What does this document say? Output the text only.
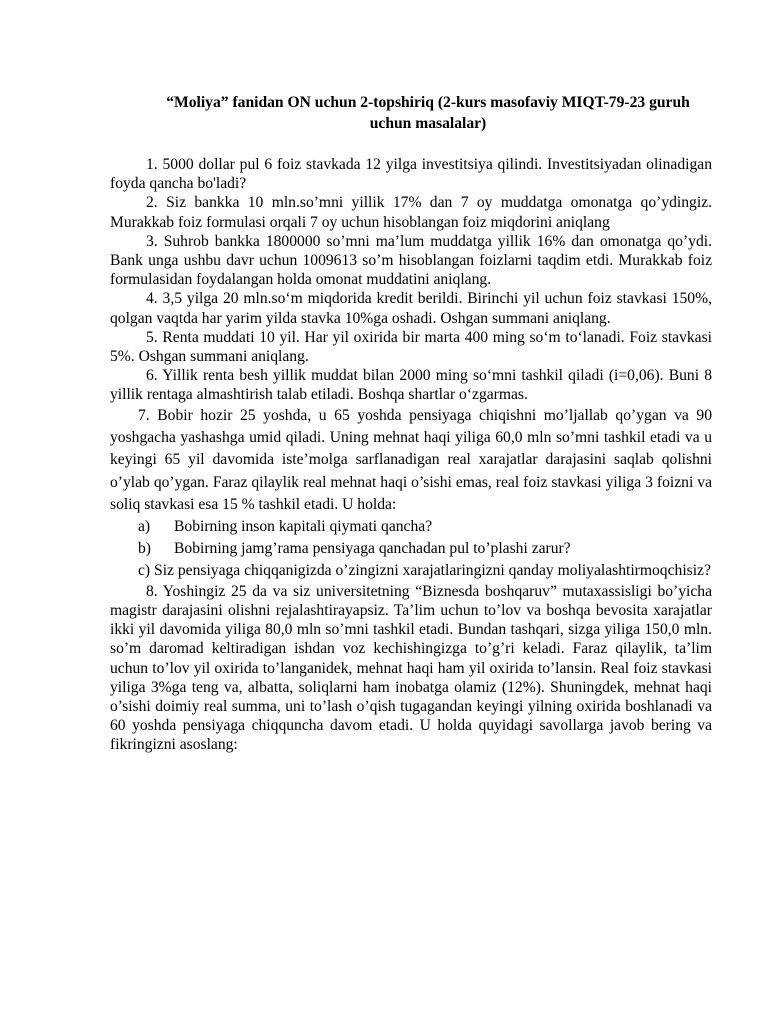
“Moliya” fanidan ON uchun 2-topshiriq (2-kurs masofaviy MIQT-79-23 guruh uchun masalalar)

1. 5000 dollar pul 6 foiz stavkada 12 yilga investitsiya qilindi. Investitsiyadan olinadigan foyda qancha bo'ladi?

2. Siz bankka 10 mln.so’mni yillik 17% dan 7 oy muddatga omonatga qo’ydingiz. Murakkab foiz formulasi orqali 7 oy uchun hisoblangan foiz miqdorini aniqlang

3. Suhrob bankka 1800000 so’mni ma’lum muddatga yillik 16% dan omonatga qo’ydi. Bank unga ushbu davr uchun 1009613 so’m hisoblangan foizlarni taqdim etdi. Murakkab foiz formulasidan foydalangan holda omonat muddatini aniqlang.

4. 3,5 yilga 20 mln.so‘m miqdorida kredit berildi. Birinchi yil uchun foiz stavkasi 150%, qolgan vaqtda har yarim yilda stavka 10%ga oshadi. Oshgan summani aniqlang.

5. Renta muddati 10 yil. Har yil oxirida bir marta 400 ming so‘m to‘lanadi. Foiz stavkasi 5%. Oshgan summani aniqlang.

6. Yillik renta besh yillik muddat bilan 2000 ming so‘mni tashkil qiladi (i=0,06). Buni 8 yillik rentaga almashtirish talab etiladi. Boshqa shartlar o‘zgarmas.

7. Bobir hozir 25 yoshda, u 65 yoshda pensiyaga chiqishni mo’ljallab qo’ygan va 90 yoshgacha yashashga umid qiladi. Uning mehnat haqi yiliga 60,0 mln so’mni tashkil etadi va u keyingi 65 yil davomida iste’molga sarflanadigan real xarajatlar darajasini saqlab qolishni o’ylab qo’ygan. Faraz qilaylik real mehnat haqi o’sishi emas, real foiz stavkasi yiliga 3 foizni va soliq stavkasi esa 15 % tashkil etadi. U holda:

a) Bobirning inson kapitali qiymati qancha?

b) Bobirning jamg’rama pensiyaga qanchadan pul to’plashi zarur?

c) Siz pensiyaga chiqqanigizda o’zingizni xarajatlaringizni qanday moliyalashtirmoqchisiz?

8. Yoshingiz 25 da va siz universitetning “Biznesda boshqaruv” mutaxassisligi bo’yicha magistr darajasini olishni rejalashtirayapsiz. Ta’lim uchun to’lov va boshqa bevosita xarajatlar ikki yil davomida yiliga 80,0 mln so’mni tashkil etadi. Bundan tashqari, sizga yiliga 150,0 mln. so’m daromad keltiradigan ishdan voz kechishingizga to’g’ri keladi. Faraz qilaylik, ta’lim uchun to’lov yil oxirida to’langanidek, mehnat haqi ham yil oxirida to’lansin. Real foiz stavkasi yiliga 3%ga teng va, albatta, soliqlarni ham inobatga olamiz (12%). Shuningdek, mehnat haqi o’sishi doimiy real summa, uni to’lash o’qish tugagandan keyingi yilning oxirida boshlanadi va 60 yoshda pensiyaga chiqquncha davom etadi. U holda quyidagi savollarga javob bering va fikringizni asoslang:
